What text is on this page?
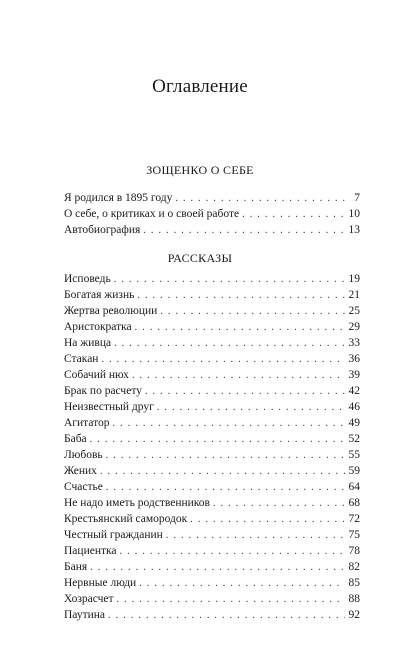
Оглавление
ЗОЩЕНКО О СЕБЕ
Я родился в 1895 году . . .	7
О себе, о критиках и о своей работе . . .	10
Автобиография . . .	13
РАССКАЗЫ
Исповедь . . .	19
Богатая жизнь . . .	21
Жертва революции . . .	25
Аристократка . . .	29
На живца . . .	33
Стакан . . .	36
Собачий нюх . . .	39
Брак по расчету . . .	42
Неизвестный друг . . .	46
Агитатор . . .	49
Баба . . .	52
Любовь . . .	55
Жених . . .	59
Счастье . . .	64
Не надо иметь родственников . . .	68
Крестьянский самородок . . .	72
Честный гражданин . . .	75
Пациентка . . .	78
Баня . . .	82
Нервные люди . . .	85
Хозрасчет . . .	88
Паутина . . .	92
